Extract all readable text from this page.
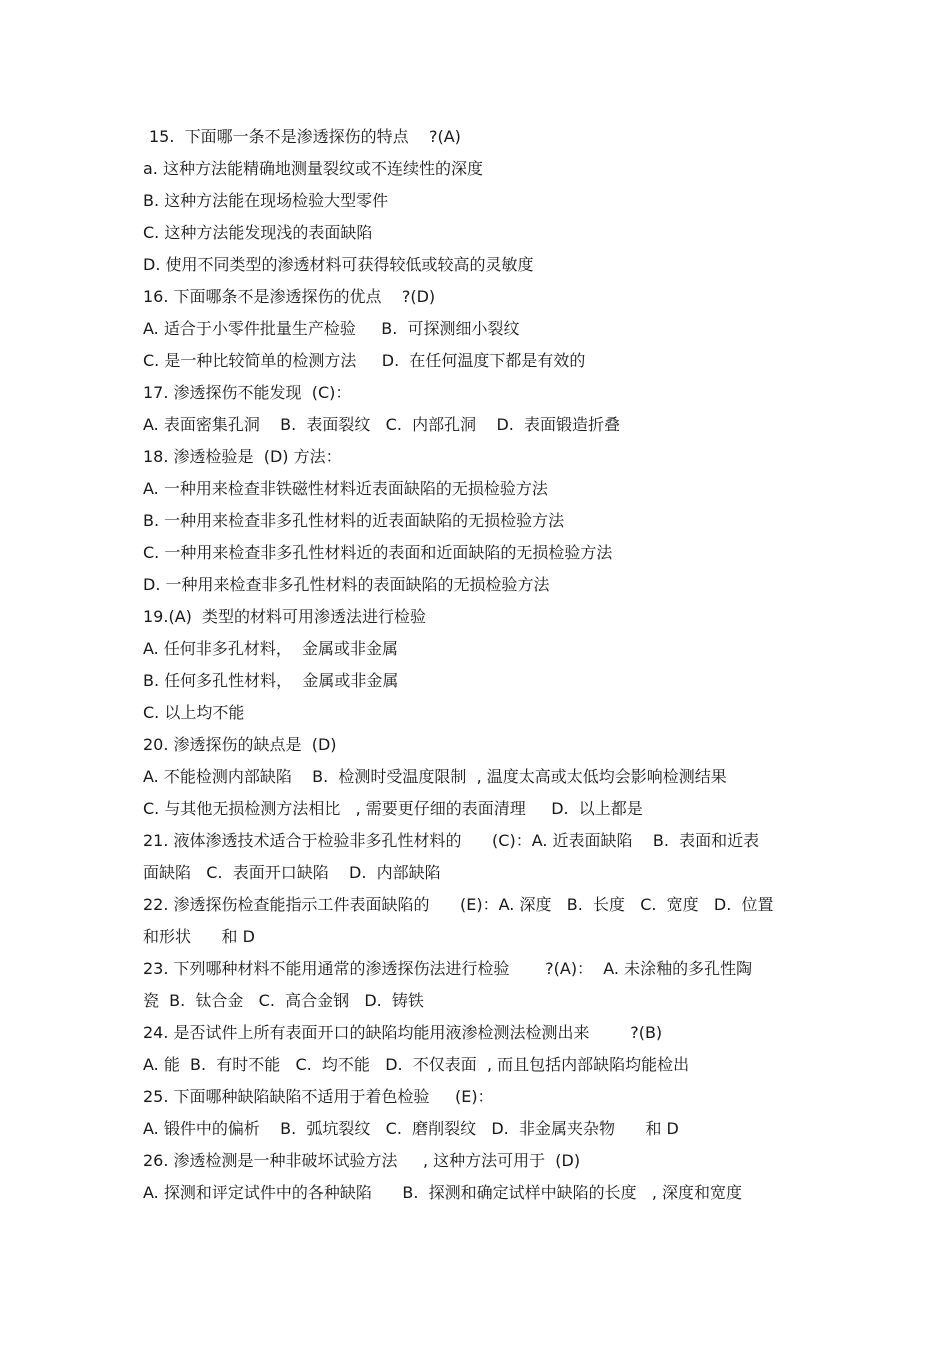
15.  下面哪一条不是渗透探伤的特点    ?(A)
a. 这种方法能精确地测量裂纹或不连续性的深度
B. 这种方法能在现场检验大型零件
C. 这种方法能发现浅的表面缺陷
D. 使用不同类型的渗透材料可获得较低或较高的灵敏度
16. 下面哪条不是渗透探伤的优点    ?(D)
A. 适合于小零件批量生产检验     B.  可探测细小裂纹
C. 是一种比较简单的检测方法     D.  在任何温度下都是有效的
17. 渗透探伤不能发现  (C)：
A. 表面密集孔洞    B.  表面裂纹   C.  内部孔洞    D.  表面锻造折叠
18. 渗透检验是  (D) 方法：
A. 一种用来检查非铁磁性材料近表面缺陷的无损检验方法
B. 一种用来检查非多孔性材料的近表面缺陷的无损检验方法
C. 一种用来检查非多孔性材料近的表面和近面缺陷的无损检验方法
D. 一种用来检查非多孔性材料的表面缺陷的无损检验方法
19.(A)  类型的材料可用渗透法进行检验
A. 任何非多孔材料，  金属或非金属
B. 任何多孔性材料，  金属或非金属
C. 以上均不能
20. 渗透探伤的缺点是  (D)
A. 不能检测内部缺陷    B.  检测时受温度限制  , 温度太高或太低均会影响检测结果
C. 与其他无损检测方法相比   , 需要更仔细的表面清理     D.  以上都是
21. 液体渗透技术适合于检验非多孔性材料的      (C)：A. 近表面缺陷    B.  表面和近表
面缺陷   C.  表面开口缺陷    D.  内部缺陷
22. 渗透探伤检查能指示工件表面缺陷的      (E)：A. 深度   B.  长度   C.  宽度   D.  位置
和形状      和 D
23. 下列哪种材料不能用通常的渗透探伤法进行检验       ?(A)：  A. 未涂釉的多孔性陶
瓷  B.  钛合金   C.  高合金钢   D.  铸铁
24. 是否试件上所有表面开口的缺陷均能用液渗检测法检测出来        ?(B)
A. 能  B.  有时不能   C.  均不能   D.  不仅表面  , 而且包括内部缺陷均能检出
25. 下面哪种缺陷缺陷不适用于着色检验     (E)：
A. 锻件中的偏析    B.  弧坑裂纹   C.  磨削裂纹   D.  非金属夹杂物      和 D
26. 渗透检测是一种非破坏试验方法     , 这种方法可用于  (D)
A. 探测和评定试件中的各种缺陷      B.  探测和确定试样中缺陷的长度   , 深度和宽度
